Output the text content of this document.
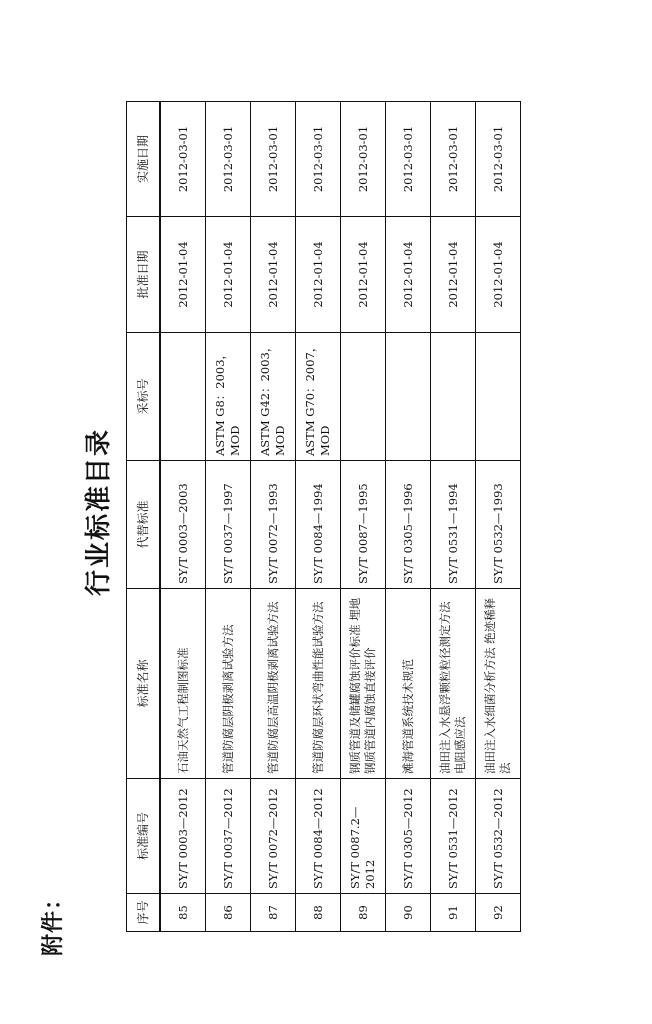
附件：
行业标准目录
序号	标准编号	标准名称	代替标准	采标号	批准日期	实施日期
85	SY/T 0003—2012	石油天然气工程制图标准	SY/T 0003—2003		2012-01-04	2012-03-01
86	SY/T 0037—2012	管道防腐层阴极剥离试验方法	SY/T 0037—1997	ASTM G8：2003，MOD	2012-01-04	2012-03-01
87	SY/T 0072—2012	管道防腐层高温阴极剥离试验方法	SY/T 0072—1993	ASTM G42：2003，MOD	2012-01-04	2012-03-01
88	SY/T 0084—2012	管道防腐层环状弯曲性能试验方法	SY/T 0084—1994	ASTM G70：2007，MOD	2012-01-04	2012-03-01
89	SY/T 0087.2—2012	钢质管道及储罐腐蚀评价标准 埋地钢质管道内腐蚀直接评价	SY/T 0087—1995		2012-01-04	2012-03-01
90	SY/T 0305—2012	滩海管道系统技术规范	SY/T 0305—1996		2012-01-04	2012-03-01
91	SY/T 0531—2012	油田注入水悬浮颗粒粒径测定方法 电阻感应法	SY/T 0531—1994		2012-01-04	2012-03-01
92	SY/T 0532—2012	油田注入水细菌分析方法 绝迹稀释法	SY/T 0532—1993		2012-01-04	2012-03-01
